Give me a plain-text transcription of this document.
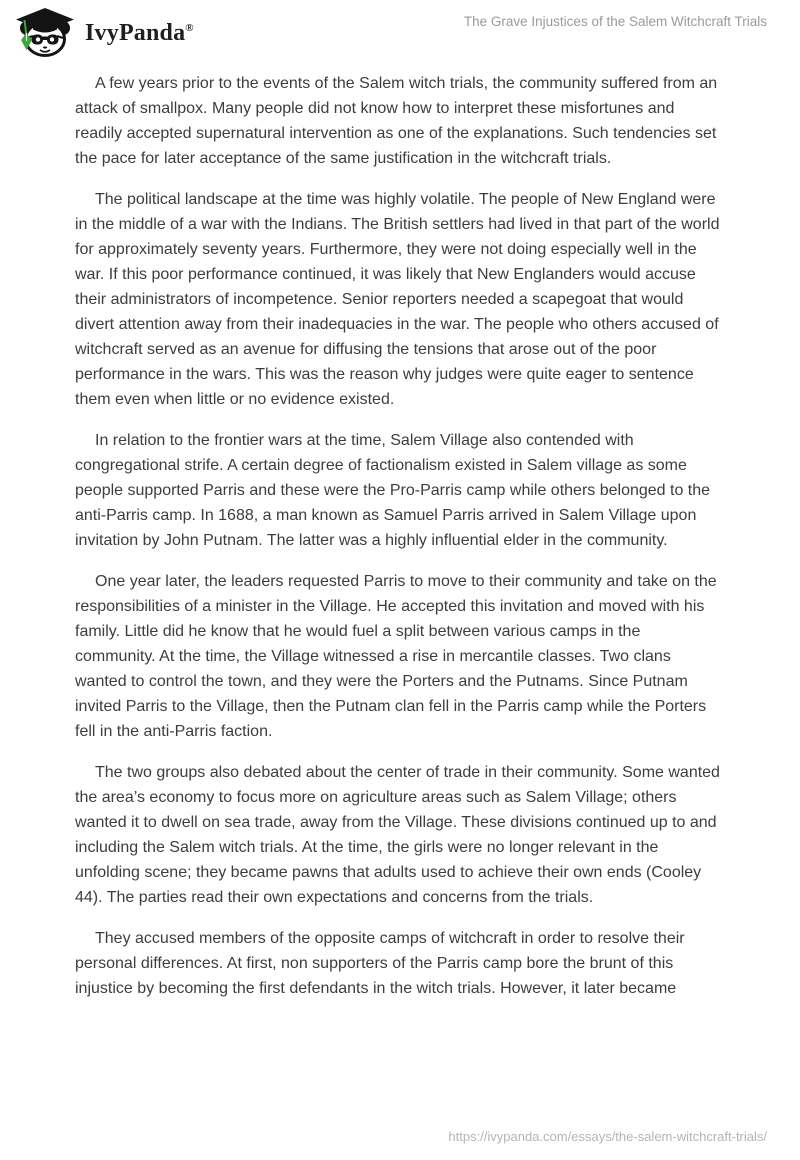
IvyPanda®	The Grave Injustices of the Salem Witchcraft Trials

A few years prior to the events of the Salem witch trials, the community suffered from an attack of smallpox. Many people did not know how to interpret these misfortunes and readily accepted supernatural intervention as one of the explanations. Such tendencies set the pace for later acceptance of the same justification in the witchcraft trials.

The political landscape at the time was highly volatile. The people of New England were in the middle of a war with the Indians. The British settlers had lived in that part of the world for approximately seventy years. Furthermore, they were not doing especially well in the war. If this poor performance continued, it was likely that New Englanders would accuse their administrators of incompetence. Senior reporters needed a scapegoat that would divert attention away from their inadequacies in the war. The people who others accused of witchcraft served as an avenue for diffusing the tensions that arose out of the poor performance in the wars. This was the reason why judges were quite eager to sentence them even when little or no evidence existed.

In relation to the frontier wars at the time, Salem Village also contended with congregational strife. A certain degree of factionalism existed in Salem village as some people supported Parris and these were the Pro-Parris camp while others belonged to the anti-Parris camp. In 1688, a man known as Samuel Parris arrived in Salem Village upon invitation by John Putnam. The latter was a highly influential elder in the community.

One year later, the leaders requested Parris to move to their community and take on the responsibilities of a minister in the Village. He accepted this invitation and moved with his family. Little did he know that he would fuel a split between various camps in the community. At the time, the Village witnessed a rise in mercantile classes. Two clans wanted to control the town, and they were the Porters and the Putnams. Since Putnam invited Parris to the Village, then the Putnam clan fell in the Parris camp while the Porters fell in the anti-Parris faction.

The two groups also debated about the center of trade in their community. Some wanted the area’s economy to focus more on agriculture areas such as Salem Village; others wanted it to dwell on sea trade, away from the Village. These divisions continued up to and including the Salem witch trials. At the time, the girls were no longer relevant in the unfolding scene; they became pawns that adults used to achieve their own ends (Cooley 44). The parties read their own expectations and concerns from the trials.

They accused members of the opposite camps of witchcraft in order to resolve their personal differences. At first, non supporters of the Parris camp bore the brunt of this injustice by becoming the first defendants in the witch trials. However, it later became

https://ivypanda.com/essays/the-salem-witchcraft-trials/
